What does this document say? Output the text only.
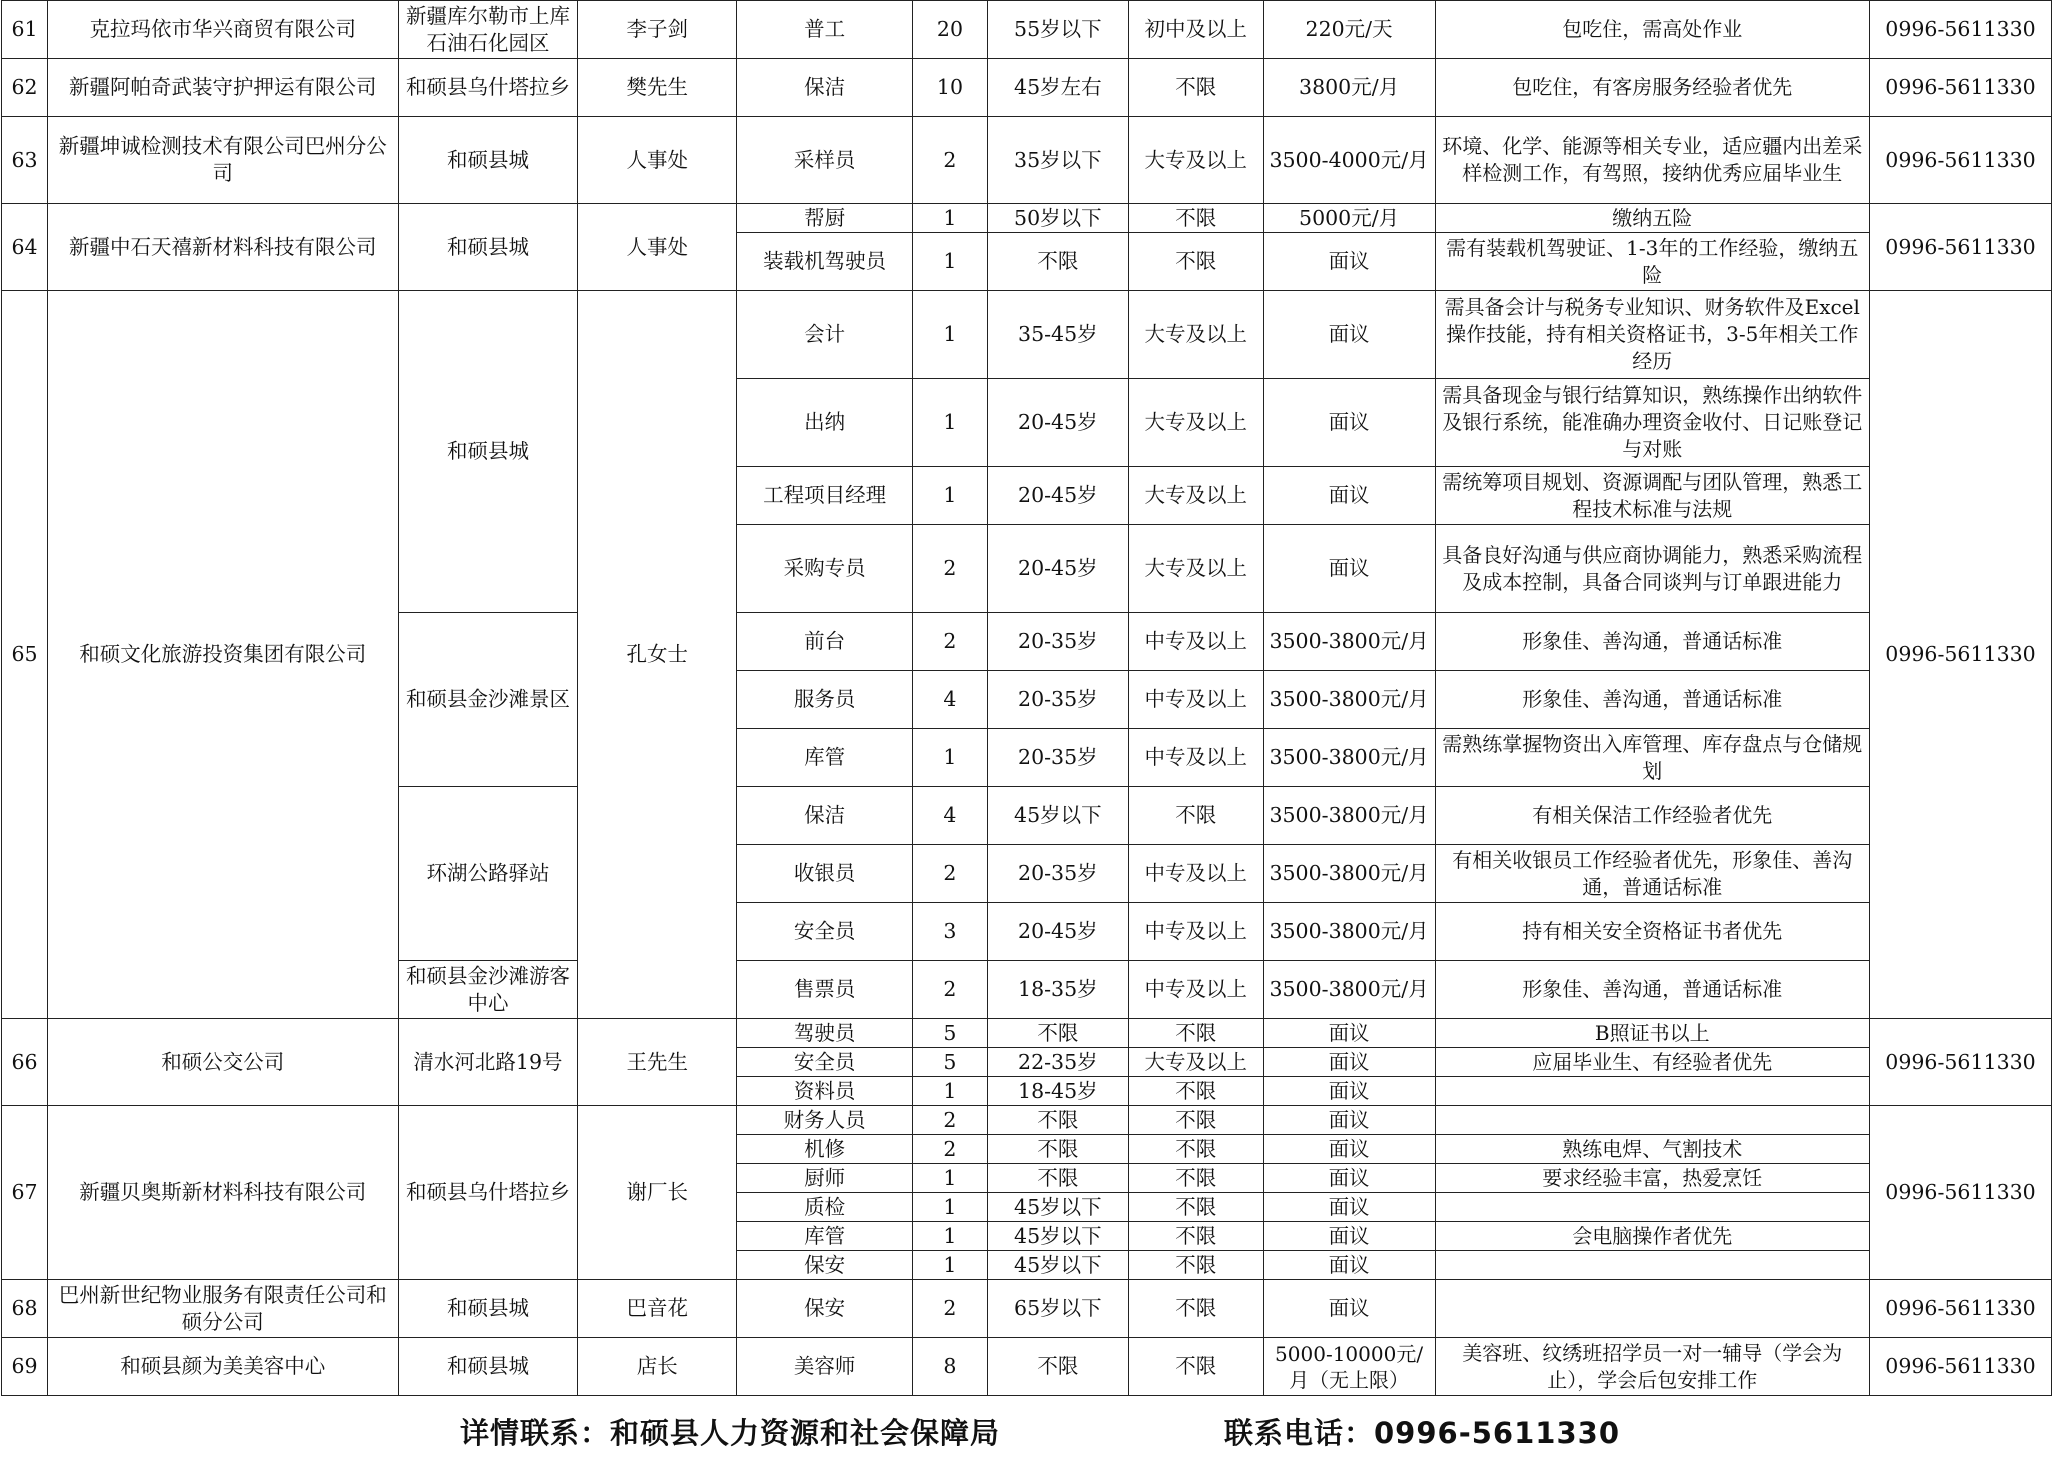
61	克拉玛依市华兴商贸有限公司	新疆库尔勒市上库石油石化园区	李子剑	普工	20	55岁以下	初中及以上	220元/天	包吃住，需高处作业	0996-5611330
62	新疆阿帕奇武装守护押运有限公司	和硕县乌什塔拉乡	樊先生	保洁	10	45岁左右	不限	3800元/月	包吃住，有客房服务经验者优先	0996-5611330
63	新疆坤诚检测技术有限公司巴州分公司	和硕县城	人事处	采样员	2	35岁以下	大专及以上	3500-4000元/月	环境、化学、能源等相关专业，适应疆内出差采样检测工作，有驾照，接纳优秀应届毕业生	0996-5611330
64	新疆中石天禧新材料科技有限公司	和硕县城	人事处	帮厨	1	50岁以下	不限	5000元/月	缴纳五险	0996-5611330
				装载机驾驶员	1	不限	不限	面议	需有装载机驾驶证、1-3年的工作经验，缴纳五险	
65	和硕文化旅游投资集团有限公司	和硕县城	孔女士	会计	1	35-45岁	大专及以上	面议	需具备会计与税务专业知识、财务软件及Excel操作技能，持有相关资格证书，3-5年相关工作经历	0996-5611330
				出纳	1	20-45岁	大专及以上	面议	需具备现金与银行结算知识，熟练操作出纳软件及银行系统，能准确办理资金收付、日记账登记与对账	
				工程项目经理	1	20-45岁	大专及以上	面议	需统筹项目规划、资源调配与团队管理，熟悉工程技术标准与法规	
				采购专员	2	20-45岁	大专及以上	面议	具备良好沟通与供应商协调能力，熟悉采购流程及成本控制，具备合同谈判与订单跟进能力	
		和硕县金沙滩景区		前台	2	20-35岁	中专及以上	3500-3800元/月	形象佳、善沟通，普通话标准	
				服务员	4	20-35岁	中专及以上	3500-3800元/月	形象佳、善沟通，普通话标准	
				库管	1	20-35岁	中专及以上	3500-3800元/月	需熟练掌握物资出入库管理、库存盘点与仓储规划	
		环湖公路驿站		保洁	4	45岁以下	不限	3500-3800元/月	有相关保洁工作经验者优先	
				收银员	2	20-35岁	中专及以上	3500-3800元/月	有相关收银员工作经验者优先，形象佳、善沟通，普通话标准	
				安全员	3	20-45岁	中专及以上	3500-3800元/月	持有相关安全资格证书者优先	
		和硕县金沙滩游客中心		售票员	2	18-35岁	中专及以上	3500-3800元/月	形象佳、善沟通，普通话标准	
66	和硕公交公司	清水河北路19号	王先生	驾驶员	5	不限	不限	面议	B照证书以上	0996-5611330
				安全员	5	22-35岁	大专及以上	面议	应届毕业生、有经验者优先	
				资料员	1	18-45岁	不限	面议		
67	新疆贝奥斯新材料科技有限公司	和硕县乌什塔拉乡	谢厂长	财务人员	2	不限	不限	面议		0996-5611330
				机修	2	不限	不限	面议	熟练电焊、气割技术	
				厨师	1	不限	不限	面议	要求经验丰富，热爱烹饪	
				质检	1	45岁以下	不限	面议		
				库管	1	45岁以下	不限	面议	会电脑操作者优先	
				保安	1	45岁以下	不限	面议		
68	巴州新世纪物业服务有限责任公司和硕分公司	和硕县城	巴音花	保安	2	65岁以下	不限	面议		0996-5611330
69	和硕县颜为美美容中心	和硕县城	店长	美容师	8	不限	不限	5000-10000元/月（无上限）	美容班、纹绣班招学员一对一辅导（学会为止），学会后包安排工作	0996-5611330
详情联系：和硕县人力资源和社会保障局	联系电话：0996-5611330
